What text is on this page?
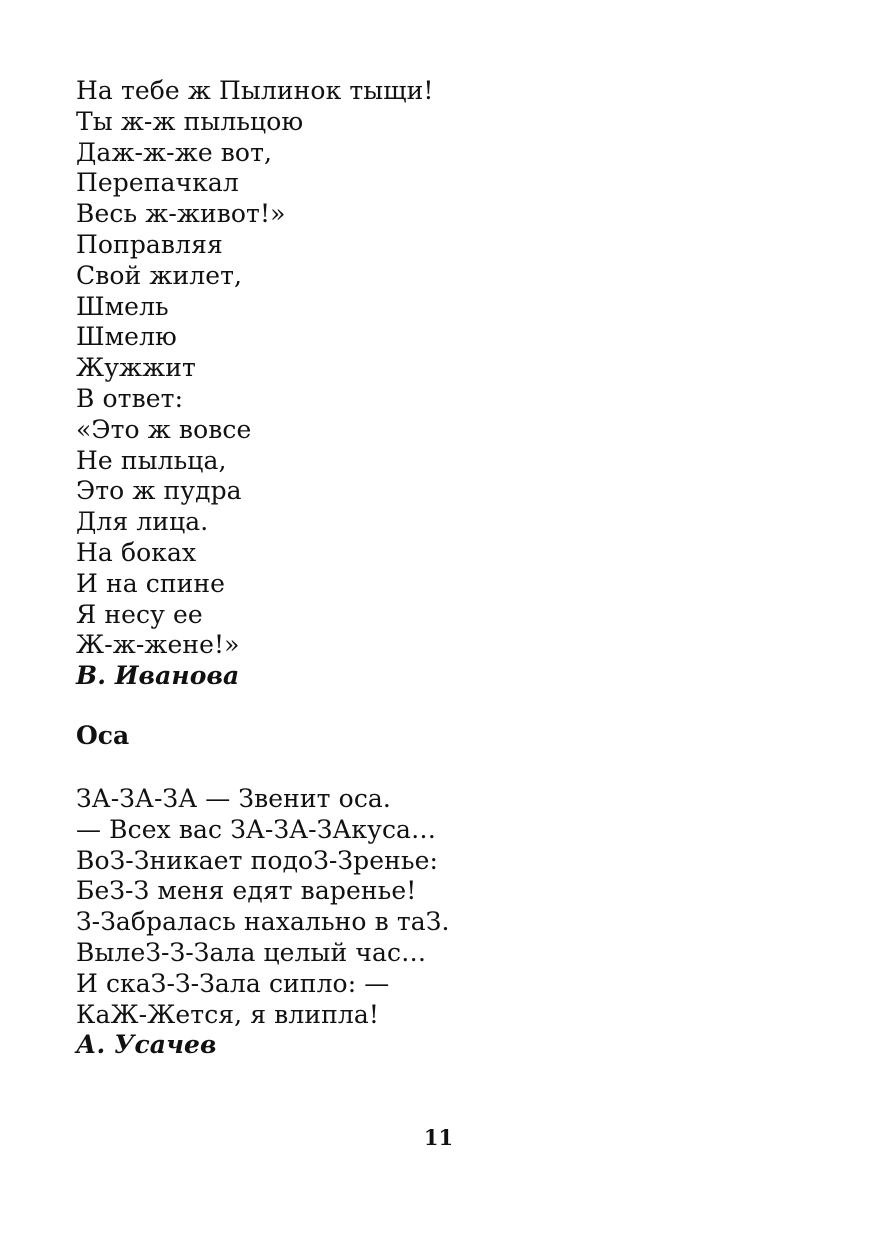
На тебе ж Пылинок тыщи!
Ты ж-ж пыльцою
Даж-ж-же вот,
Перепачкал
Весь ж-живот!»
Поправляя
Свой жилет,
Шмель
Шмелю
Жужжит
В ответ:
«Это ж вовсе
Не пыльца,
Это ж пудра
Для лица.
На боках
И на спине
Я несу ее
Ж-ж-жене!»
В. Иванова
Оса
ЗА-ЗА-ЗА — Звенит оса.
— Всех вас ЗА-ЗА-ЗАкуса…
ВоЗ-Зникает подоЗ-Зренье:
БеЗ-З меня едят варенье!
З-Забралась нахально в таЗ.
ВылеЗ-З-Зала целый час…
И скаЗ-З-Зала сипло: —
КаЖ-Жется, я влипла!
А. Усачев
11
